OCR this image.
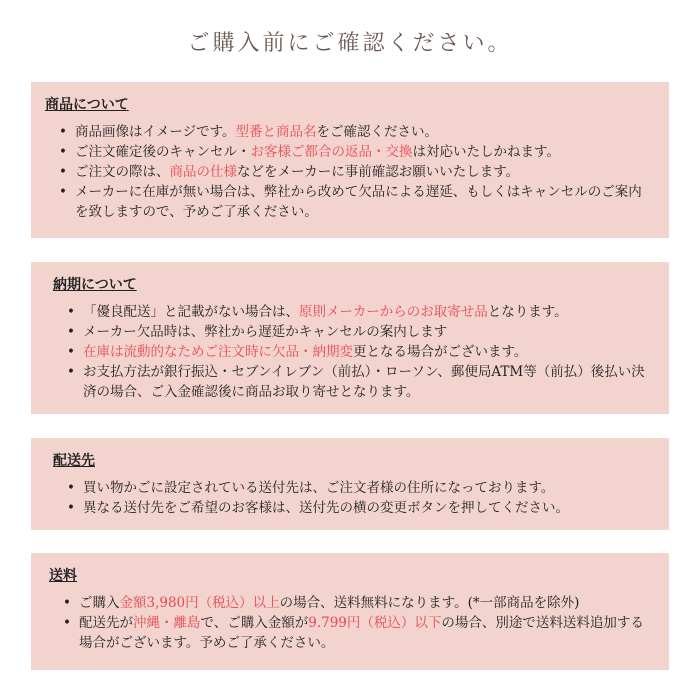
ご購入前にご確認ください。
商品について
• 商品画像はイメージです。型番と商品名をご確認ください。
• ご注文確定後のキャンセル・お客様ご都合の返品・交換は対応いたしかねます。
• ご注文の際は、商品の仕様などをメーカーに事前確認お願いいたします。
• メーカーに在庫が無い場合は、弊社から改めて欠品による遅延、もしくはキャンセルのご案内を致しますので、予めご了承ください。
納期について
• 「優良配送」と記載がない場合は、原則メーカーからのお取寄せ品となります。
• メーカー欠品時は、弊社から遅延かキャンセルの案内します
• 在庫は流動的なためご注文時に欠品・納期変更となる場合がございます。
• お支払方法が銀行振込・セブンイレブン（前払）・ローソン、郵便局ATM等（前払）後払い決済の場合、ご入金確認後に商品お取り寄せとなります。
配送先
• 買い物かごに設定されている送付先は、ご注文者様の住所になっております。
• 異なる送付先をご希望のお客様は、送付先の横の変更ボタンを押してください。
送料
• ご購入金額3,980円（税込）以上の場合、送料無料になります。(*一部商品を除外)
• 配送先が沖縄・離島で、ご購入金額が9.799円（税込）以下の場合、別途で送料送料追加する場合がございます。予めご了承ください。
